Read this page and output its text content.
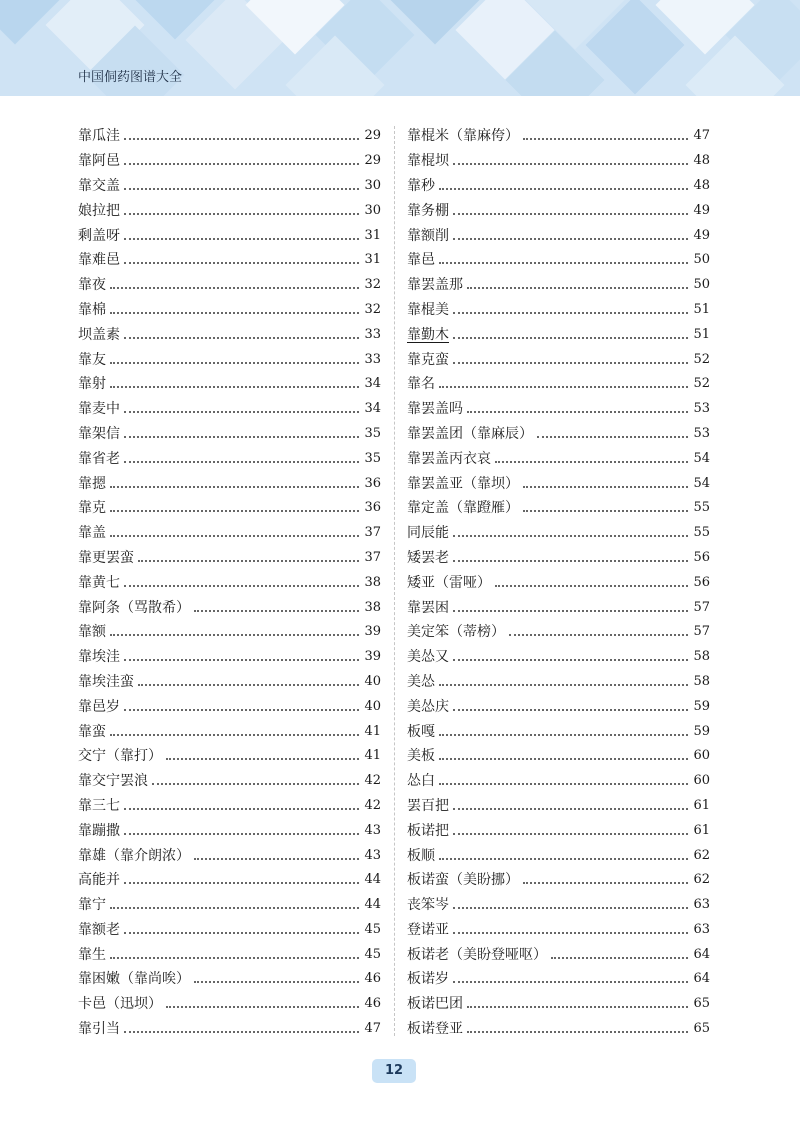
中国侗药图谱大全
靠瓜洼	29
靠阿邑	29
靠交盖	30
娘拉把	30
剩盖呀	31
靠难邑	31
靠夜	32
靠棉	32
坝盖素	33
靠友	33
靠射	34
靠麦中	34
靠架信	35
靠省老	35
靠摁	36
靠克	36
靠盖	37
靠更罢蛮	37
靠黄七	38
靠阿条（骂散希）	38
靠额	39
靠埃洼	39
靠埃洼蛮	40
靠邑岁	40
靠蛮	41
交宁（靠打）	41
靠交宁罢浪	42
靠三七	42
靠蹦撒	43
靠雄（靠介朗浓）	43
高能并	44
靠宁	44
靠额老	45
靠生	45
靠困嫩（靠尚唉）	46
卡邑（迅坝）	46
靠引当	47
靠棍米（靠麻侉）	47
靠棍坝	48
靠秒	48
靠务棚	49
靠额削	49
靠邑	50
靠罢盖那	50
靠棍美	51
靠勤木	51
靠克蛮	52
靠名	52
靠罢盖吗	53
靠罢盖团（靠麻辰）	53
靠罢盖丙衣哀	54
靠罢盖亚（靠坝）	54
靠定盖（靠蹬雁）	55
同辰能	55
矮罢老	56
矮亚（雷哑）	56
靠罢困	57
美定笨（蒂榜）	57
美怂又	58
美怂	58
美怂庆	59
板嘎	59
美板	60
怂白	60
罢百把	61
板诺把	61
板顺	62
板诺蛮（美盼挪）	62
丧笨岑	63
登诺亚	63
板诺老（美盼登哑呕）	64
板诺岁	64
板诺巴团	65
板诺登亚	65
12
